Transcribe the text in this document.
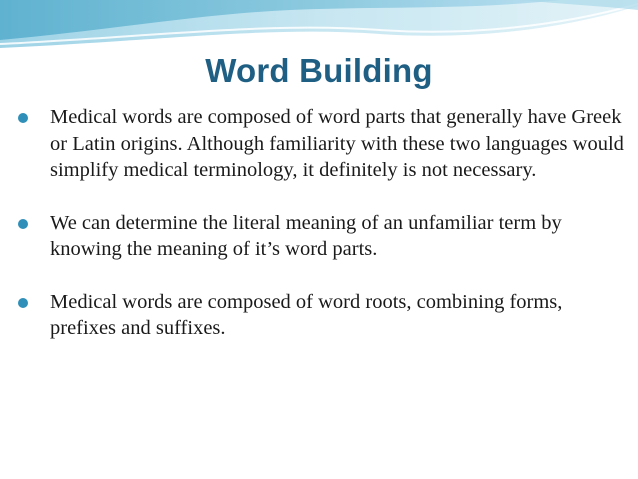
Word Building
Medical words are composed of word parts that generally have Greek or Latin origins. Although familiarity with these two languages would simplify medical terminology, it definitely is not necessary.
We can determine the literal meaning of an unfamiliar term by knowing the meaning of it’s word parts.
Medical words are composed of word roots, combining forms, prefixes and suffixes.
